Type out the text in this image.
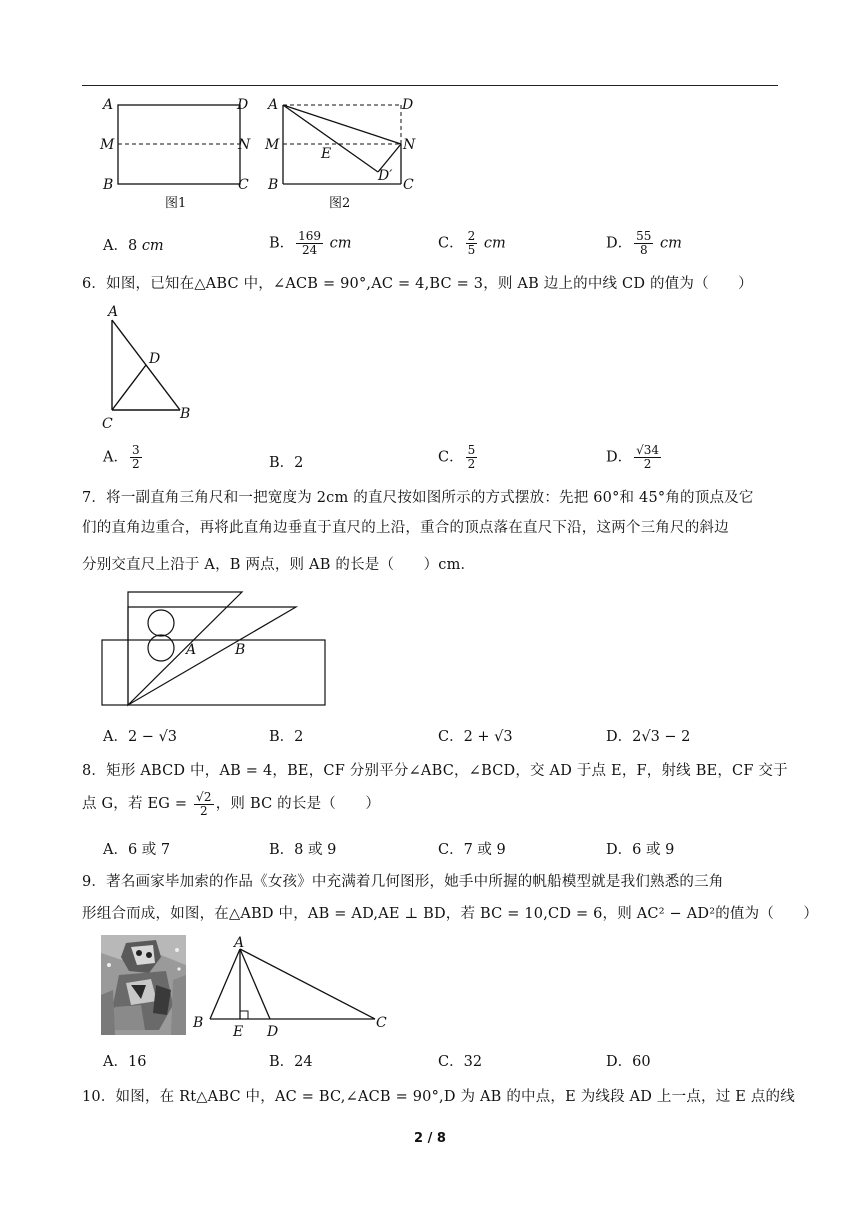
A	D
M	N
B	C
图1
A	D
M	N
E
D′
B	C
图2
A．8 cm	B． $\frac{169}{24}$ cm	C． $\frac{2}{5}$ cm	D． $\frac{55}{8}$ cm
6．如图，已知在△ABC 中，∠ACB = 90°,AC = 4,BC = 3，则 AB 边上的中线 CD 的值为（　　）
A
D
C
B
A． $\frac{3}{2}$	B．2	C． $\frac{5}{2}$	D． $\frac{√34}{2}$
7．将一副直角三角尺和一把宽度为 2cm 的直尺按如图所示的方式摆放：先把 60°和 45°角的顶点及它
们的直角边重合，再将此直角边垂直于直尺的上沿，重合的顶点落在直尺下沿，这两个三角尺的斜边
分别交直尺上沿于 A，B 两点，则 AB 的长是（　　）cm．
A	B
A．2 − √3	B．2	C．2 + √3	D．2√3 − 2
8．矩形 ABCD 中，AB = 4，BE，CF 分别平分∠ABC，∠BCD，交 AD 于点 E，F，射线 BE，CF 交于
点 G，若 EG = $\frac{√2}{2}$ ，则 BC 的长是（　　）
A．6 或 7	B．8 或 9	C．7 或 9	D．6 或 9
9．著名画家毕加索的作品《女孩》中充满着几何图形，她手中所握的帆船模型就是我们熟悉的三角
形组合而成，如图，在△ABD 中，AB = AD,AE ⊥ BD，若 BC = 10,CD = 6，则 AC² − AD²的值为（　　）
A
B
E D
C
A．16	B．24	C．32	D．60
10．如图，在 Rt△ABC 中，AC = BC,∠ACB = 90°,D 为 AB 的中点，E 为线段 AD 上一点，过 E 点的线
2 / 8
